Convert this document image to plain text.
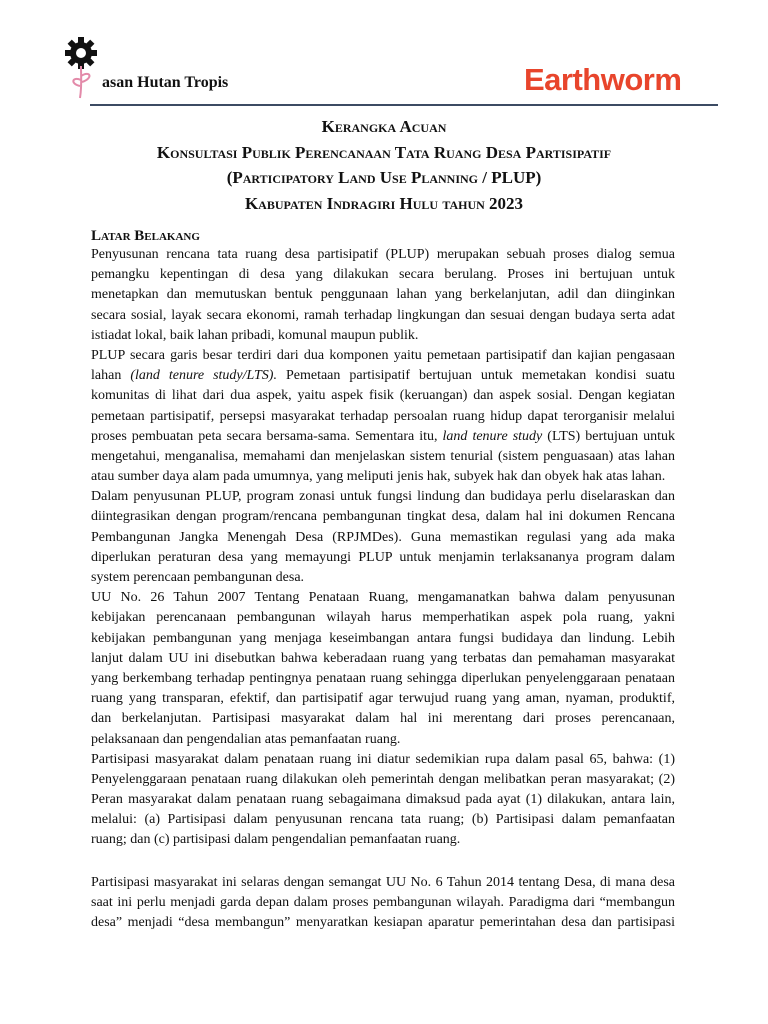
asan Hutan Tropis	Earthworm
Kerangka Acuan
Konsultasi Publik Perencanaan Tata Ruang Desa Partisipatif
(Participatory Land Use Planning / PLUP)
Kabupaten Indragiri Hulu tahun 2023
Latar Belakang
Penyusunan rencana tata ruang desa partisipatif (PLUP) merupakan sebuah proses dialog semua
pemangku kepentingan di desa yang dilakukan secara berulang. Proses ini bertujuan untuk
menetapkan dan memutuskan bentuk penggunaan lahan yang berkelanjutan, adil dan diinginkan
secara sosial, layak secara ekonomi, ramah terhadap lingkungan dan sesuai dengan budaya serta adat
istiadat lokal, baik lahan pribadi, komunal maupun publik.
PLUP secara garis besar terdiri dari dua komponen yaitu pemetaan partisipatif dan kajian pengasaan
lahan (land tenure study/LTS). Pemetaan partisipatif bertujuan untuk memetakan kondisi suatu
komunitas di lihat dari dua aspek, yaitu aspek fisik (keruangan) dan aspek sosial. Dengan kegiatan
pemetaan partisipatif, persepsi masyarakat terhadap persoalan ruang hidup dapat terorganisir melalui
proses pembuatan peta secara bersama-sama. Sementara itu, land tenure study (LTS) bertujuan untuk
mengetahui, menganalisa, memahami dan menjelaskan sistem tenurial (sistem penguasaan) atas lahan
atau sumber daya alam pada umumnya, yang meliputi jenis hak, subyek hak dan obyek hak atas lahan.
Dalam penyusunan PLUP, program zonasi untuk fungsi lindung dan budidaya perlu diselaraskan dan
diintegrasikan dengan program/rencana pembangunan tingkat desa, dalam hal ini dokumen Rencana
Pembangunan Jangka Menengah Desa (RPJMDes). Guna memastikan regulasi yang ada maka
diperlukan peraturan desa yang memayungi PLUP untuk menjamin terlaksananya program dalam
system perencaan pembangunan desa.
UU No. 26 Tahun 2007 Tentang Penataan Ruang, mengamanatkan bahwa dalam penyusunan
kebijakan perencanaan pembangunan wilayah harus memperhatikan aspek pola ruang, yakni
kebijakan pembangunan yang menjaga keseimbangan antara fungsi budidaya dan lindung. Lebih
lanjut dalam UU ini disebutkan bahwa keberadaan ruang yang terbatas dan pemahaman masyarakat
yang berkembang terhadap pentingnya penataan ruang sehingga diperlukan penyelenggaraan penataan
ruang yang transparan, efektif, dan partisipatif agar terwujud ruang yang aman, nyaman, produktif,
dan berkelanjutan. Partisipasi masyarakat dalam hal ini merentang dari proses perencanaan,
pelaksanaan dan pengendalian atas pemanfaatan ruang.
Partisipasi masyarakat dalam penataan ruang ini diatur sedemikian rupa dalam pasal 65, bahwa: (1)
Penyelenggaraan penataan ruang dilakukan oleh pemerintah dengan melibatkan peran masyarakat; (2)
Peran masyarakat dalam penataan ruang sebagaimana dimaksud pada ayat (1) dilakukan, antara lain,
melalui: (a) Partisipasi dalam penyusunan rencana tata ruang; (b) Partisipasi dalam pemanfaatan
ruang; dan (c) partisipasi dalam pengendalian pemanfaatan ruang.
Partisipasi masyarakat ini selaras dengan semangat UU No. 6 Tahun 2014 tentang Desa, di mana desa
saat ini perlu menjadi garda depan dalam proses pembangunan wilayah. Paradigma dari “membangun
desa” menjadi “desa membangun” menyaratkan kesiapan aparatur pemerintahan desa dan partisipasi
